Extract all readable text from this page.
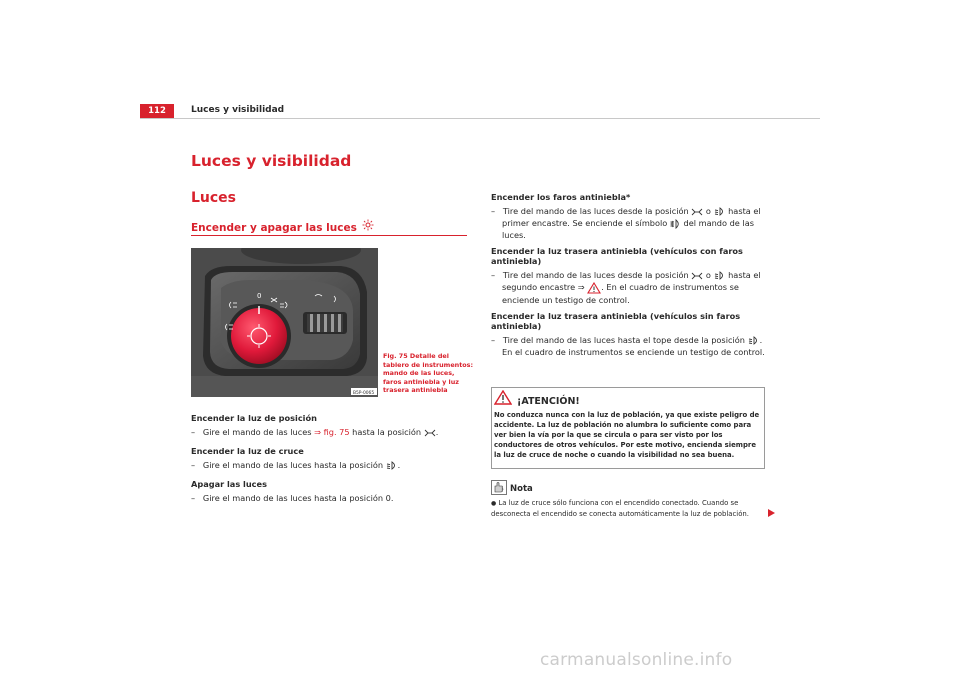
112	Luces y visibilidad
Luces y visibilidad
Luces
Encender y apagar las luces
0
B5P-0065
Fig. 75 Detalle del tablero de instrumentos: mando de las luces, faros antiniebla y luz trasera antiniebla
Encender la luz de posición
– Gire el mando de las luces ⇒ fig. 75 hasta la posición .
Encender la luz de cruce
– Gire el mando de las luces hasta la posición .
Apagar las luces
– Gire el mando de las luces hasta la posición 0.
Encender los faros antiniebla*
– Tire del mando de las luces desde la posición  o  hasta el primer encastre. Se enciende el símbolo  del mando de las luces.
Encender la luz trasera antiniebla (vehículos con faros antiniebla)
– Tire del mando de las luces desde la posición  o  hasta el segundo encastre ⇒ . En el cuadro de instrumentos se enciende un testigo de control.
Encender la luz trasera antiniebla (vehículos sin faros antiniebla)
– Tire del mando de las luces hasta el tope desde la posición . En el cuadro de instrumentos se enciende un testigo de control.
¡ATENCIÓN!
No conduzca nunca con la luz de población, ya que existe peligro de accidente. La luz de población no alumbra lo suficiente como para ver bien la vía por la que se circula o para ser visto por los conductores de otros vehículos. Por este motivo, encienda siempre la luz de cruce de noche o cuando la visibilidad no sea buena.
Nota
● La luz de cruce sólo funciona con el encendido conectado. Cuando se desconecta el encendido se conecta automáticamente la luz de población.
carmanualsonline.info
